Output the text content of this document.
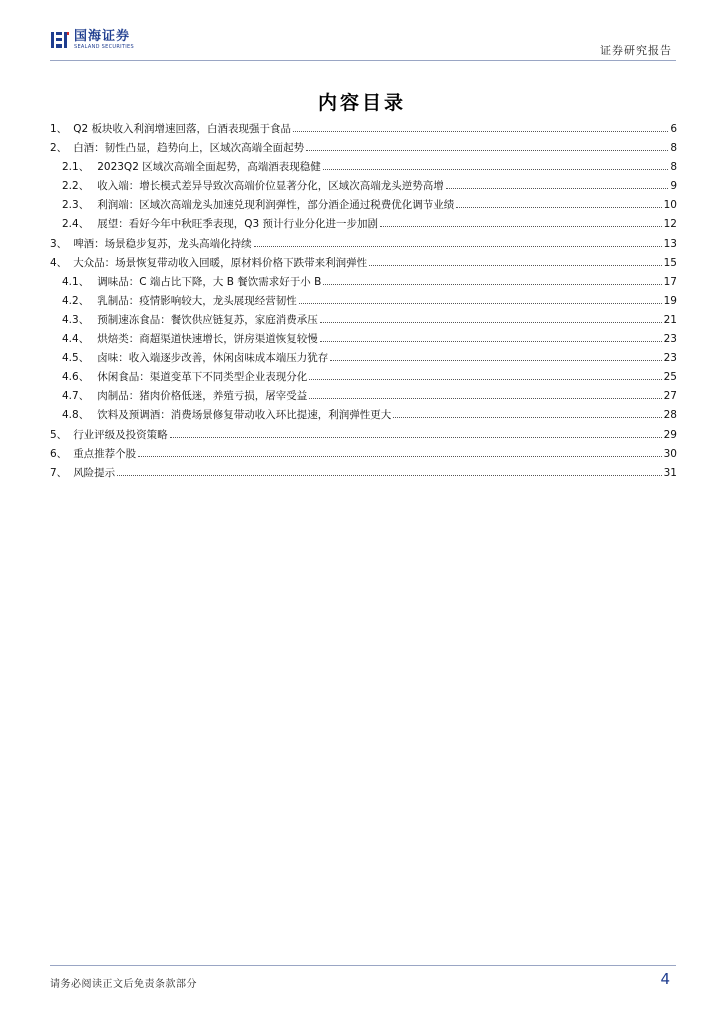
国海证券
SEALAND SECURITIES	证券研究报告
内容目录
1、 Q2 板块收入利润增速回落，白酒表现强于食品	6
2、 白酒：韧性凸显，趋势向上，区域次高端全面起势	8
2.1、 2023Q2 区域次高端全面起势，高端酒表现稳健	8
2.2、 收入端：增长模式差异导致次高端价位显著分化，区域次高端龙头逆势高增	9
2.3、 利润端：区域次高端龙头加速兑现利润弹性，部分酒企通过税费优化调节业绩	10
2.4、 展望：看好今年中秋旺季表现，Q3 预计行业分化进一步加剧	12
3、 啤酒：场景稳步复苏，龙头高端化持续	13
4、 大众品：场景恢复带动收入回暖，原材料价格下跌带来利润弹性	15
4.1、 调味品：C 端占比下降，大 B 餐饮需求好于小 B	17
4.2、 乳制品：疫情影响较大，龙头展现经营韧性	19
4.3、 预制速冻食品：餐饮供应链复苏，家庭消费承压	21
4.4、 烘焙类：商超渠道快速增长，饼房渠道恢复较慢	23
4.5、 卤味：收入端逐步改善，休闲卤味成本端压力犹存	23
4.6、 休闲食品：渠道变革下不同类型企业表现分化	25
4.7、 肉制品：猪肉价格低迷，养殖亏损，屠宰受益	27
4.8、 饮料及预调酒：消费场景修复带动收入环比提速，利润弹性更大	28
5、 行业评级及投资策略	29
6、 重点推荐个股	30
7、 风险提示	31
请务必阅读正文后免责条款部分	4
